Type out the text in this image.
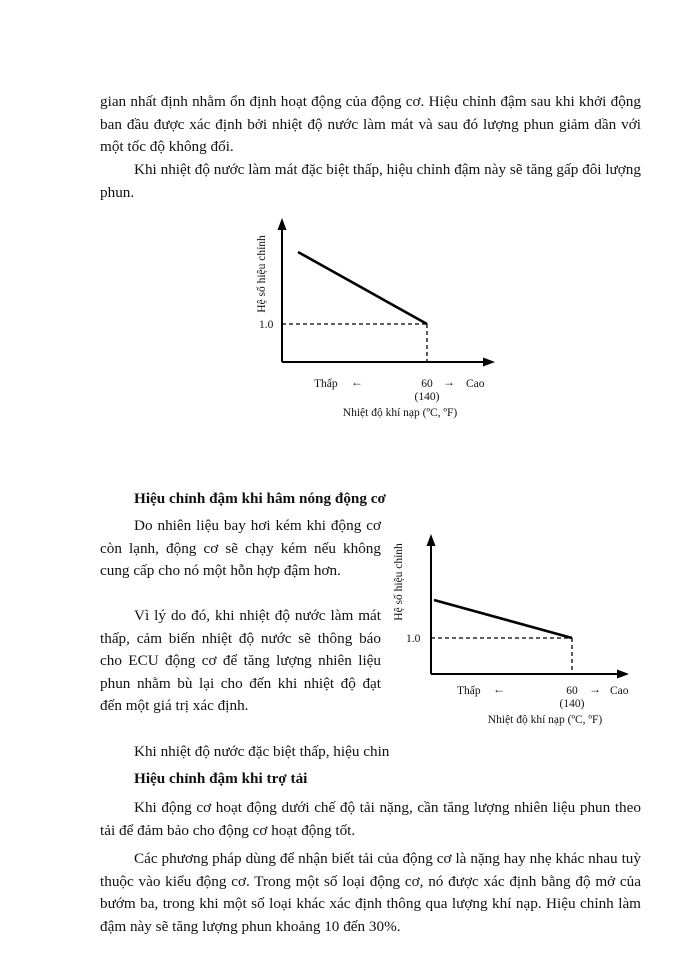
gian nhất định nhằm ổn định hoạt động của động cơ. Hiệu chỉnh đậm sau khi khởi động ban đầu được xác định bởi nhiệt độ nước làm mát và sau đó lượng phun giảm dần với một tốc độ không đổi.
Khi nhiệt độ nước làm mát đặc biệt thấp, hiệu chỉnh đậm này sẽ tăng gấp đôi lượng phun.
Hệ số hiệu chỉnh
1.0
Thấp ←	60 → Cao
(140)
Nhiệt độ khí nạp (ºC, ºF)
Hiệu chỉnh đậm khi hâm nóng động cơ
Do nhiên liệu bay hơi kém khi động cơ còn lạnh, động cơ sẽ chạy kém nếu không cung cấp cho nó một hỗn hợp đậm hơn.
Vì lý do đó, khi nhiệt độ nước làm mát thấp, cảm biến nhiệt độ nước sẽ thông báo cho ECU động cơ để tăng lượng nhiên liệu phun nhằm bù lại cho đến khi nhiệt độ đạt đến một giá trị xác định.
Hệ số hiệu chỉnh
1.0
Thấp ←	60 → Cao
(140)
Nhiệt độ khí nạp (ºC, ºF)
Khi nhiệt độ nước đặc biệt thấp, hiệu chin
Hiệu chỉnh đậm khi trợ tải
Khi động cơ hoạt động dưới chế độ tải nặng, cần tăng lượng nhiên liệu phun theo tải để đảm bảo cho động cơ hoạt động tốt.
Các phương pháp dùng để nhận biết tải của động cơ là nặng hay nhẹ khác nhau tuỳ thuộc vào kiểu động cơ. Trong một số loại động cơ, nó được xác định bằng độ mở của bướm ba, trong khi một số loại khác xác định thông qua lượng khí nạp. Hiệu chỉnh làm đậm này sẽ tăng lượng phun khoảng 10 đến 30%.
